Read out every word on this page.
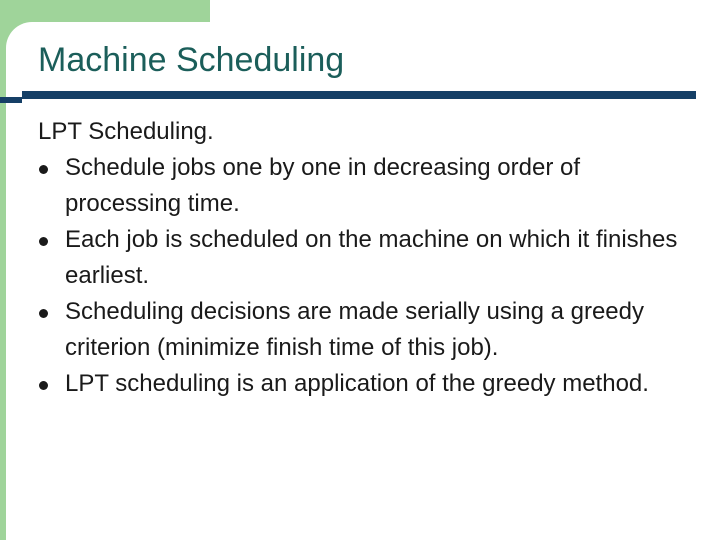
Machine Scheduling

LPT Scheduling.

Schedule jobs one by one in decreasing order of processing time.
Each job is scheduled on the machine on which it finishes earliest.
Scheduling decisions are made serially using a greedy criterion (minimize finish time of this job).
LPT scheduling is an application of the greedy method.
